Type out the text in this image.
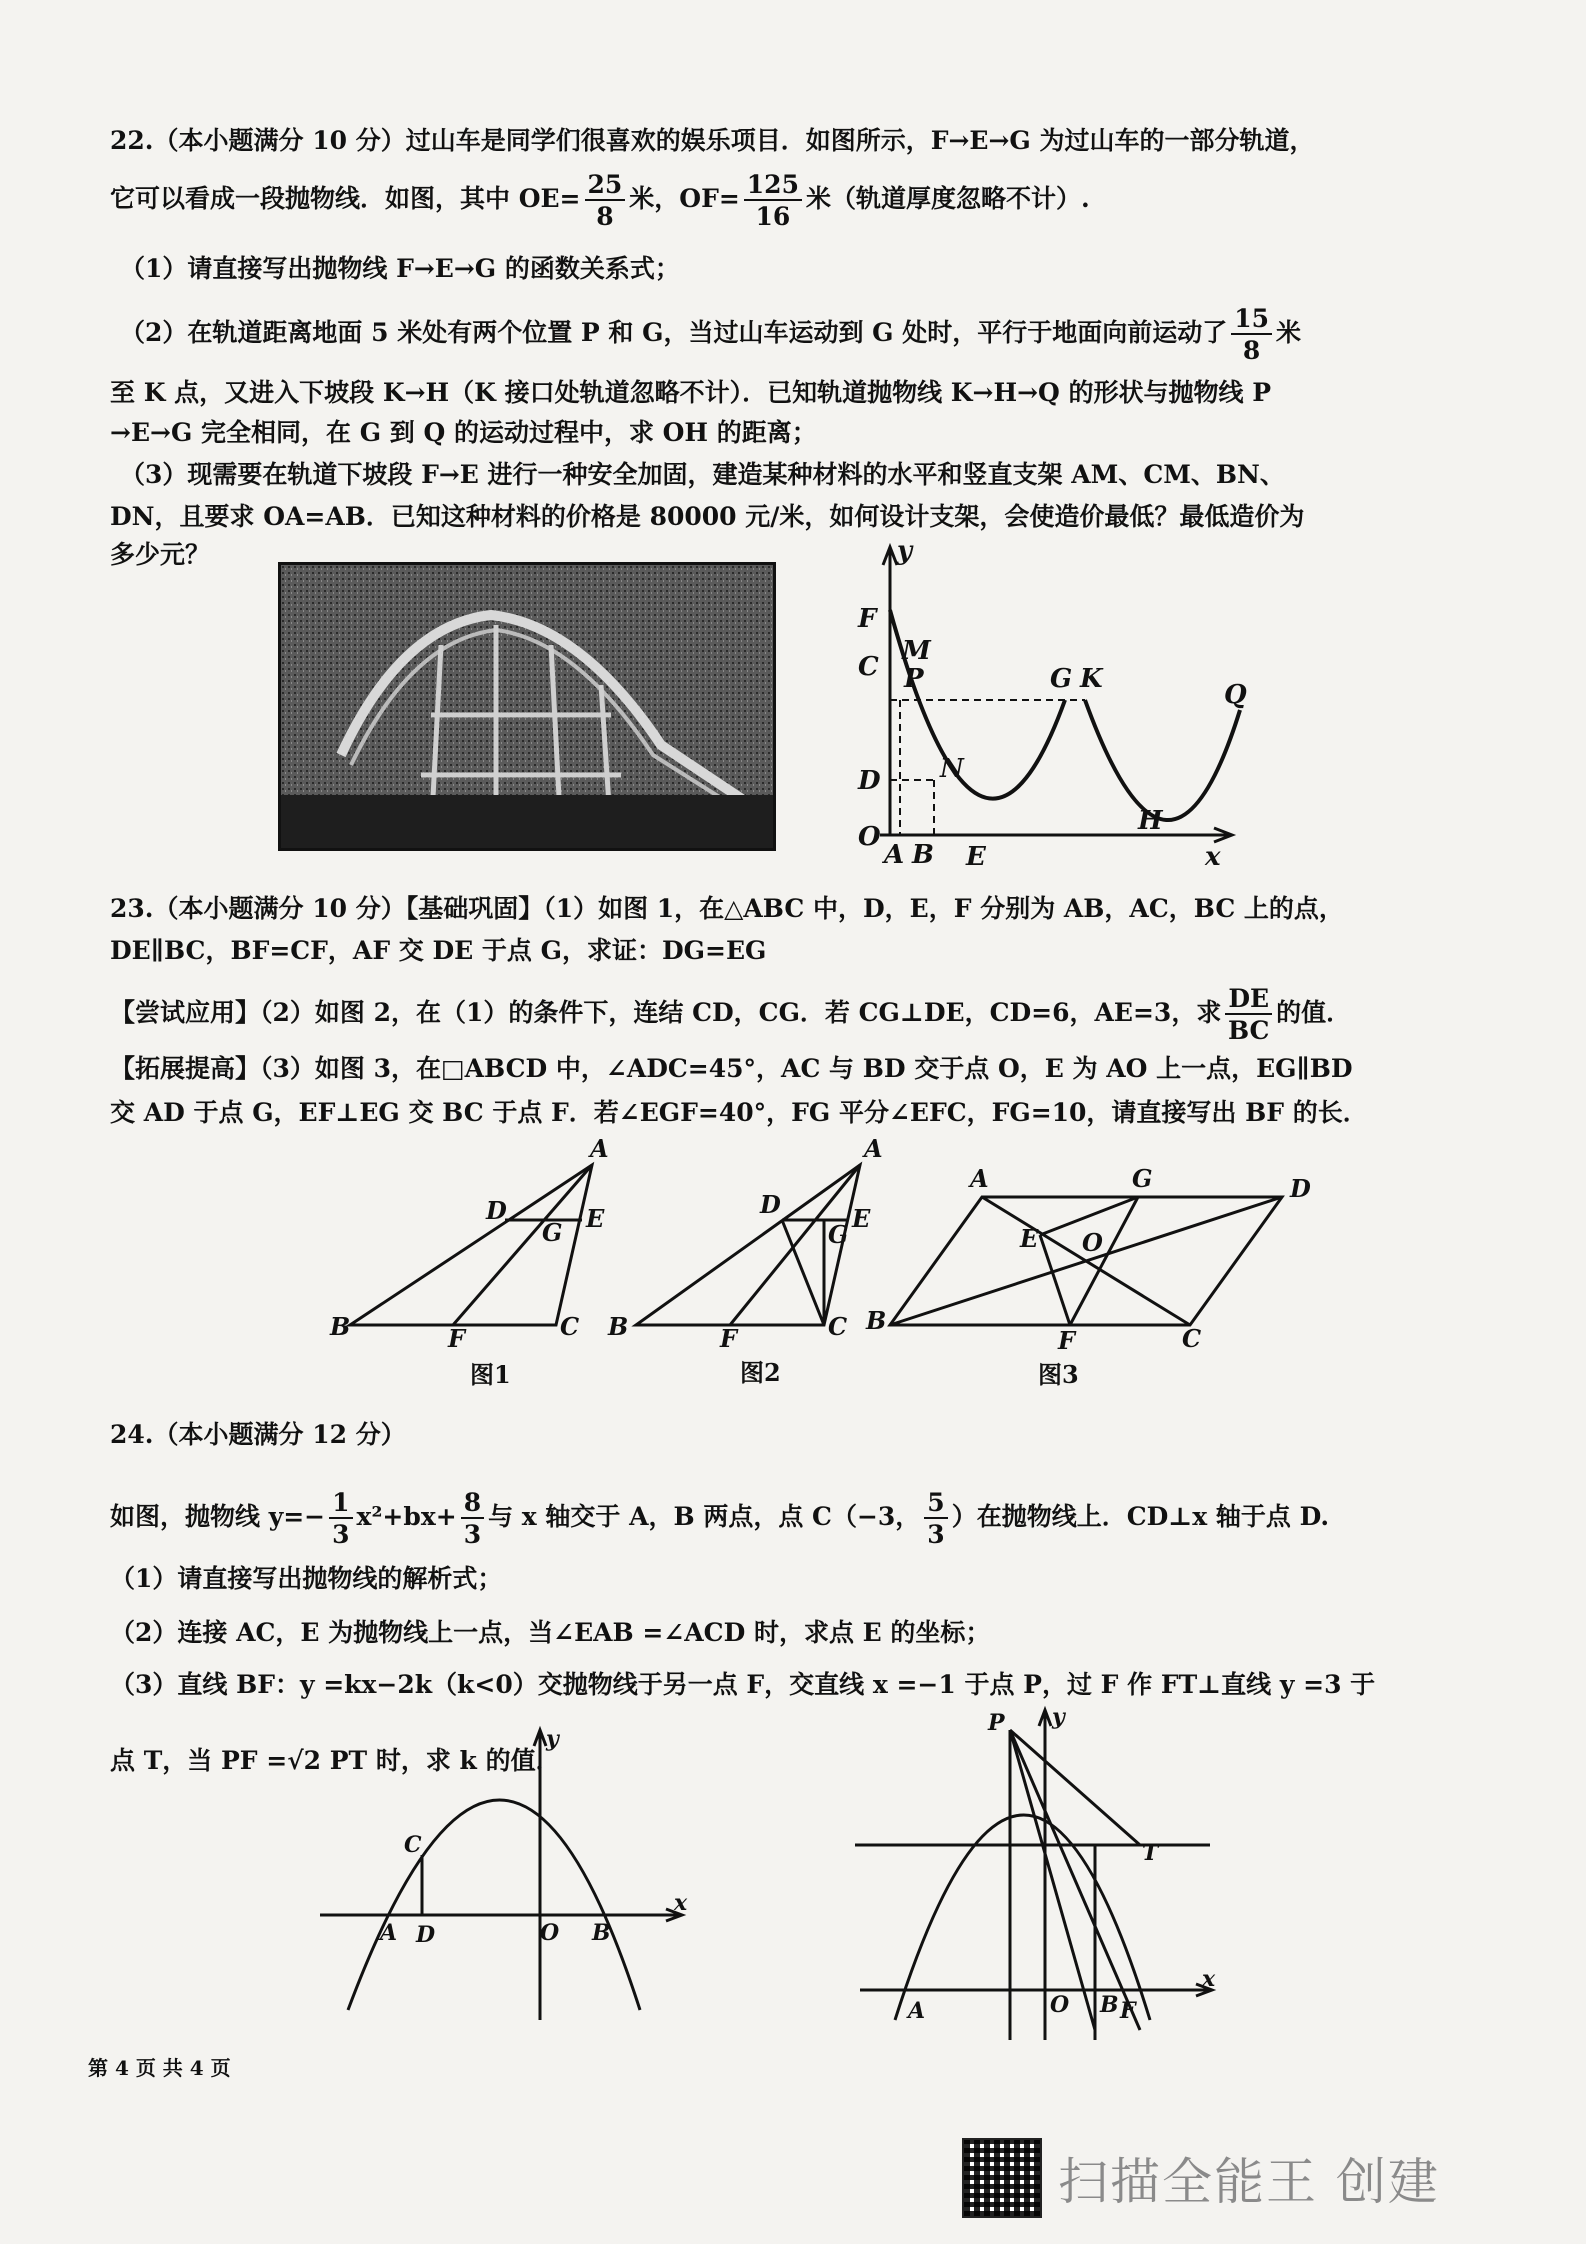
22.（本小题满分 10 分）过山车是同学们很喜欢的娱乐项目．如图所示，F→E→G 为过山车的一部分轨道，
它可以看成一段抛物线．如图，其中 $OE= \frac{25}{8}$ 米，$OF= \frac{125}{16}$ 米（轨道厚度忽略不计）.
（1）请直接写出抛物线 F→E→G 的函数关系式；
（2）在轨道距离地面 5 米处有两个位置 P 和 G，当过山车运动到 G 处时，平行于地面向前运动了 $\frac{15}{8}$ 米
至 K 点，又进入下坡段 K→H（K 接口处轨道忽略不计）．已知轨道抛物线 K→H→Q 的形状与抛物线 P
→E→G 完全相同，在 G 到 Q 的运动过程中，求 OH 的距离；
（3）现需要在轨道下坡段 F→E 进行一种安全加固，建造某种材料的水平和竖直支架 AM、CM、BN、
DN，且要求 OA=AB．已知这种材料的价格是 80000 元/米，如何设计支架，会使造价最低？最低造价为
多少元？	y
x
F
C
M
P	G K
Q
D N
O
A B E
H
23.（本小题满分 10 分）【基础巩固】（1）如图 1，在△ABC 中，D，E，F 分别为 AB，AC，BC 上的点，
DE∥BC，BF=CF，AF 交 DE 于点 G，求证：DG=EG
【尝试应用】（2）如图 2，在（1）的条件下，连结 CD，CG．若 CG⊥DE，CD=6，AE=3，求 $\frac{DE}{BC}$ 的值．
【拓展提高】（3）如图 3，在□ABCD 中，∠ADC=45°，AC 与 BD 交于点 O，E 为 AO 上一点，EG∥BD
交 AD 于点 G，EF⊥EG 交 BC 于点 F．若∠EGF=40°，FG 平分∠EFC，FG=10，请直接写出 BF 的长．
A
B	C
D	E
F
G
A
B	C
D	E
F
G
A
B
C
D
E
F
G
O
图1	图2	图3
24.（本小题满分 12 分）
如图，抛物线 $y=- \frac{1}{3} x^2+bx+ \frac{8}{3}$ 与 x 轴交于 A，B 两点，点 C（−3， $\frac{5}{3}$ ）在抛物线上．CD⊥x 轴于点 D.
（1）请直接写出抛物线的解析式；
（2）连接 AC，E 为抛物线上一点，当∠EAB =∠ACD 时，求点 E 的坐标；
（3）直线 BF：y =kx−2k（k<0）交抛物线于另一点 F，交直线 x =−1 于点 P，过 F 作 FT⊥直线 y =3 于
点 T，当 PF =√2 PT 时，求 k 的值．
y
x
C
A D	O B
y
x
P
T
A	O B F
第 4 页 共 4 页
扫描全能王 创建
